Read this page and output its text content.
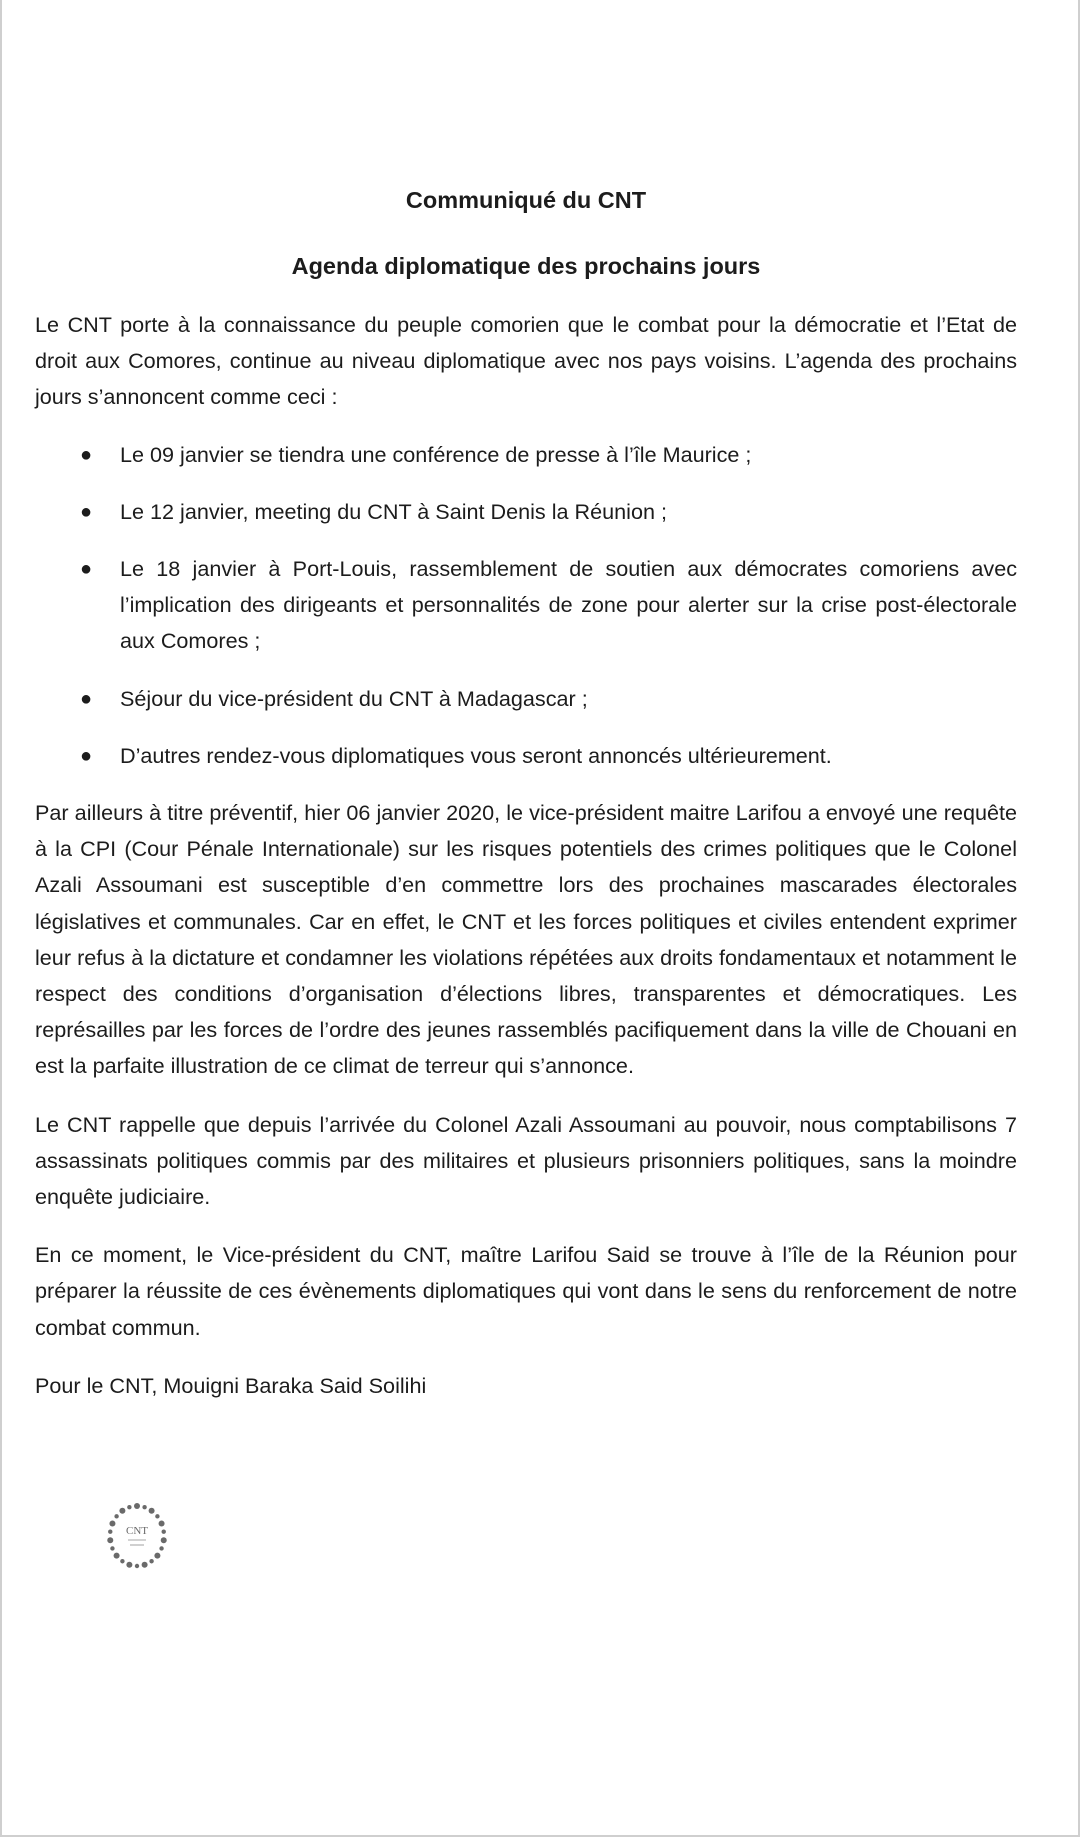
Communiqué du CNT
Agenda diplomatique des prochains jours

Le CNT porte à la connaissance du peuple comorien que le combat pour la démocratie et l’Etat de droit aux Comores, continue au niveau diplomatique avec nos pays voisins. L’agenda des prochains jours s’annoncent comme ceci :

● Le 09 janvier se tiendra une conférence de presse à l’île Maurice ;
● Le 12 janvier, meeting du CNT à Saint Denis la Réunion ;
● Le 18 janvier à Port-Louis, rassemblement de soutien aux démocrates comoriens avec l’implication des dirigeants et personnalités de zone pour alerter sur la crise post-électorale aux Comores ;
● Séjour du vice-président du CNT à Madagascar ;
● D’autres rendez-vous diplomatiques vous seront annoncés ultérieurement.

Par ailleurs à titre préventif, hier 06 janvier 2020, le vice-président maitre Larifou a envoyé une requête à la CPI (Cour Pénale Internationale) sur les risques potentiels des crimes politiques que le Colonel Azali Assoumani est susceptible d’en commettre lors des prochaines mascarades électorales législatives et communales. Car en effet, le CNT et les forces politiques et civiles entendent exprimer leur refus à la dictature et condamner les violations répétées aux droits fondamentaux et notamment le respect des conditions d’organisation d’élections libres, transparentes et démocratiques. Les représailles par les forces de l’ordre des jeunes rassemblés pacifiquement dans la ville de Chouani en est la parfaite illustration de ce climat de terreur qui s’annonce.

Le CNT rappelle que depuis l’arrivée du Colonel Azali Assoumani au pouvoir, nous comptabilisons 7 assassinats politiques commis par des militaires et plusieurs prisonniers politiques, sans la moindre enquête judiciaire.

En ce moment, le Vice-président du CNT, maître Larifou Said se trouve à l’île de la Réunion pour préparer la réussite de ces évènements diplomatiques qui vont dans le sens du renforcement de notre combat commun.

Pour le CNT, Mouigni Baraka Said Soilihi

CNT
